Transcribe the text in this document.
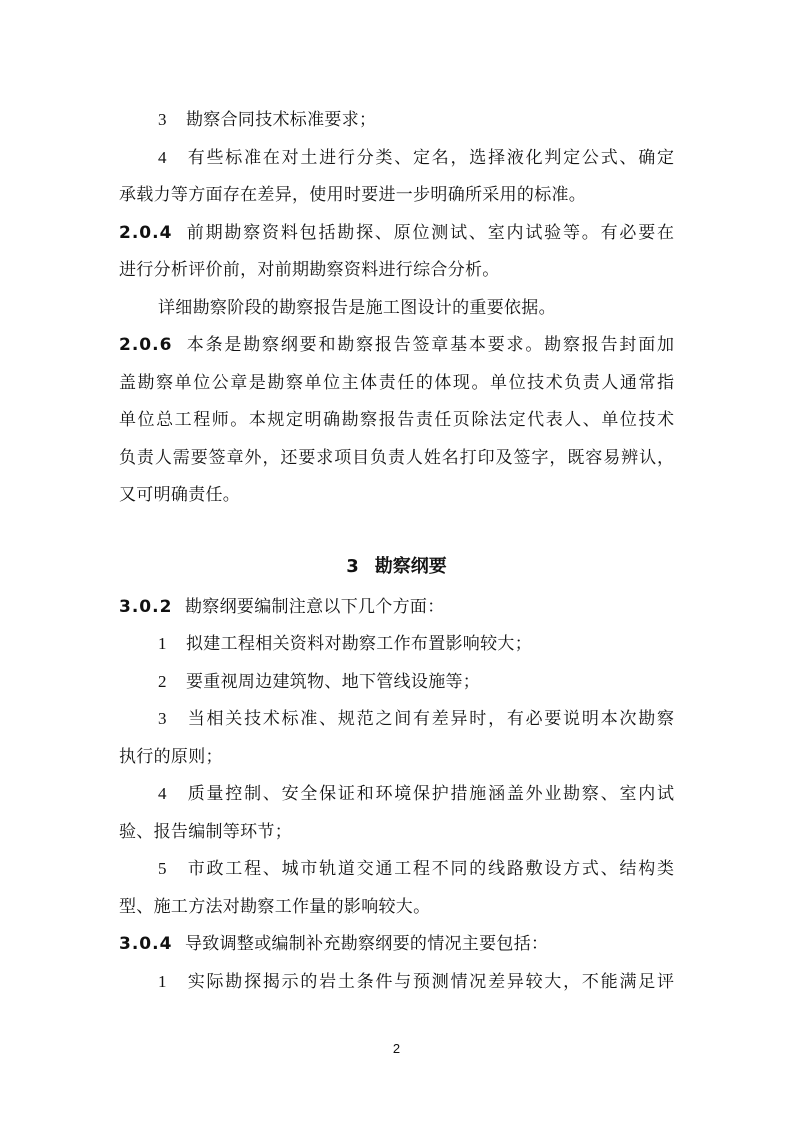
3 勘察合同技术标准要求；

4 有些标准在对土进行分类、定名，选择液化判定公式、确定

承载力等方面存在差异，使用时要进一步明确所采用的标准。

2.0.4 前期勘察资料包括勘探、原位测试、室内试验等。有必要在

进行分析评价前，对前期勘察资料进行综合分析。

详细勘察阶段的勘察报告是施工图设计的重要依据。

2.0.6 本条是勘察纲要和勘察报告签章基本要求。勘察报告封面加

盖勘察单位公章是勘察单位主体责任的体现。单位技术负责人通常指

单位总工程师。本规定明确勘察报告责任页除法定代表人、单位技术

负责人需要签章外，还要求项目负责人姓名打印及签字，既容易辨认，

又可明确责任。

3 勘察纲要

3.0.2 勘察纲要编制注意以下几个方面：

1 拟建工程相关资料对勘察工作布置影响较大；

2 要重视周边建筑物、地下管线设施等；

3 当相关技术标准、规范之间有差异时，有必要说明本次勘察

执行的原则；

4 质量控制、安全保证和环境保护措施涵盖外业勘察、室内试

验、报告编制等环节；

5 市政工程、城市轨道交通工程不同的线路敷设方式、结构类

型、施工方法对勘察工作量的影响较大。

3.0.4 导致调整或编制补充勘察纲要的情况主要包括：

1 实际勘探揭示的岩土条件与预测情况差异较大，不能满足评

2
